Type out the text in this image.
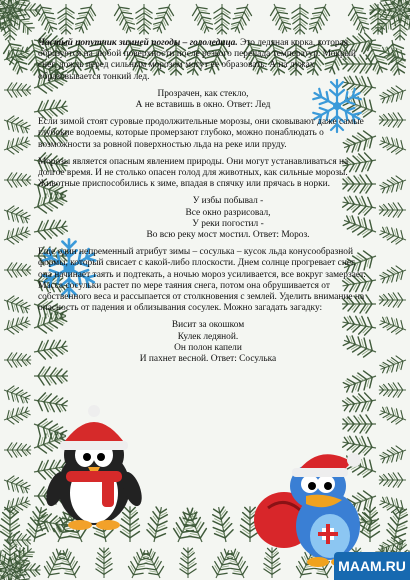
Частый попутчик зимней погоды – гололедица. Это ледяная корка, которая образуется на любой поверхности после резкого перепада температур. Мокрый снег, дождь перед сильным морозом могут ее образовать. А на лужах образовывается тонкий лед.

Прозрачен, как стекло,
А не вставишь в окно. Ответ: Лед

Если зимой стоят суровые продолжительные морозы, они сковывают даже самые глубокие водоемы, которые промерзают глубоко, можно понаблюдать о возможности за ровной поверхностью льда на реке или пруду.

Морозы является опасным явлением природы. Они могут устанавливаться на долгое время. И не столько опасен голод для животных, как сильные морозы. Животные приспособились к зиме, впадая в спячку или прячась в норки.

У избы побывал -
Все окно разрисовал,
У реки погостил -
Во всю реку мост мостил. Ответ: Мороз.

Еще один непременный атрибут зимы – сосулька – кусок льда конусообразной формы, который свисает с какой-либо плоскости. Днем солнце прогревает снег, она начинает таять и подтекать, а ночью мороз усиливается, все вокруг замерзает. Масса сосульки растет по мере таяния снега, потом она обрушивается от собственного веса и рассыпается от столкновения с землей. Уделить внимание на опасность от падения и облизывания сосулек. Можно загадать загадку:

Висит за окошком
Кулек ледяной.
Он полон капели
И пахнет весной. Ответ: Сосулька
MAAM.RU
